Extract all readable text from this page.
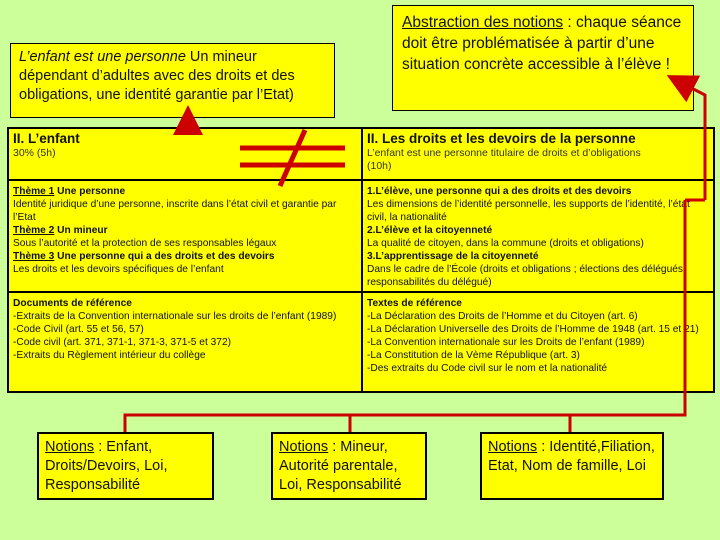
L’enfant est une personne Un mineur dépendant d’adultes avec des droits et des obligations, une identité garantie par l’Etat)
Abstraction des notions : chaque séance doit être problématisée à partir d’une situation concrète accessible à l’élève !
II. L’enfant
30% (5h)
II. Les droits et les devoirs de la personne
L’enfant est une personne titulaire de droits et d’obligations
(10h)
Thème 1 Une personne
Identité juridique d’une personne, inscrite dans l’état civil et garantie par l’Etat
Thème 2 Un mineur
Sous l’autorité et la protection de ses responsables légaux
Thème 3 Une personne qui a des droits et des devoirs
Les droits et les devoirs spécifiques de l’enfant
1.L’élève, une personne qui a des droits et des devoirs
Les dimensions de l’identité personnelle, les supports de l’identité, l’état civil, la nationalité
2.L’élève et la citoyenneté
La qualité de citoyen, dans la commune (droits et obligations)
3.L’apprentissage de la citoyenneté
Dans le cadre de l’École (droits et obligations ; élections des délégués, responsabilités du délégué)
Documents de référence
-Extraits de la Convention internationale sur les droits de l’enfant (1989)
-Code Civil (art. 55 et 56, 57)
-Code civil (art. 371, 371-1, 371-3, 371-5 et 372)
-Extraits du Règlement intérieur du collège
Textes de référence
-La Déclaration des Droits de l’Homme et du Citoyen (art. 6)
-La Déclaration Universelle des Droits de l’Homme de 1948 (art. 15 et 21)
-La Convention internationale sur les Droits de l’enfant (1989)
-La Constitution de la Vème République (art. 3)
-Des extraits du Code civil sur le nom et la nationalité
Notions : Enfant, Droits/Devoirs, Loi, Responsabilité
Notions : Mineur, Autorité parentale, Loi, Responsabilité
Notions : Identité,Filiation, Etat, Nom de famille, Loi
